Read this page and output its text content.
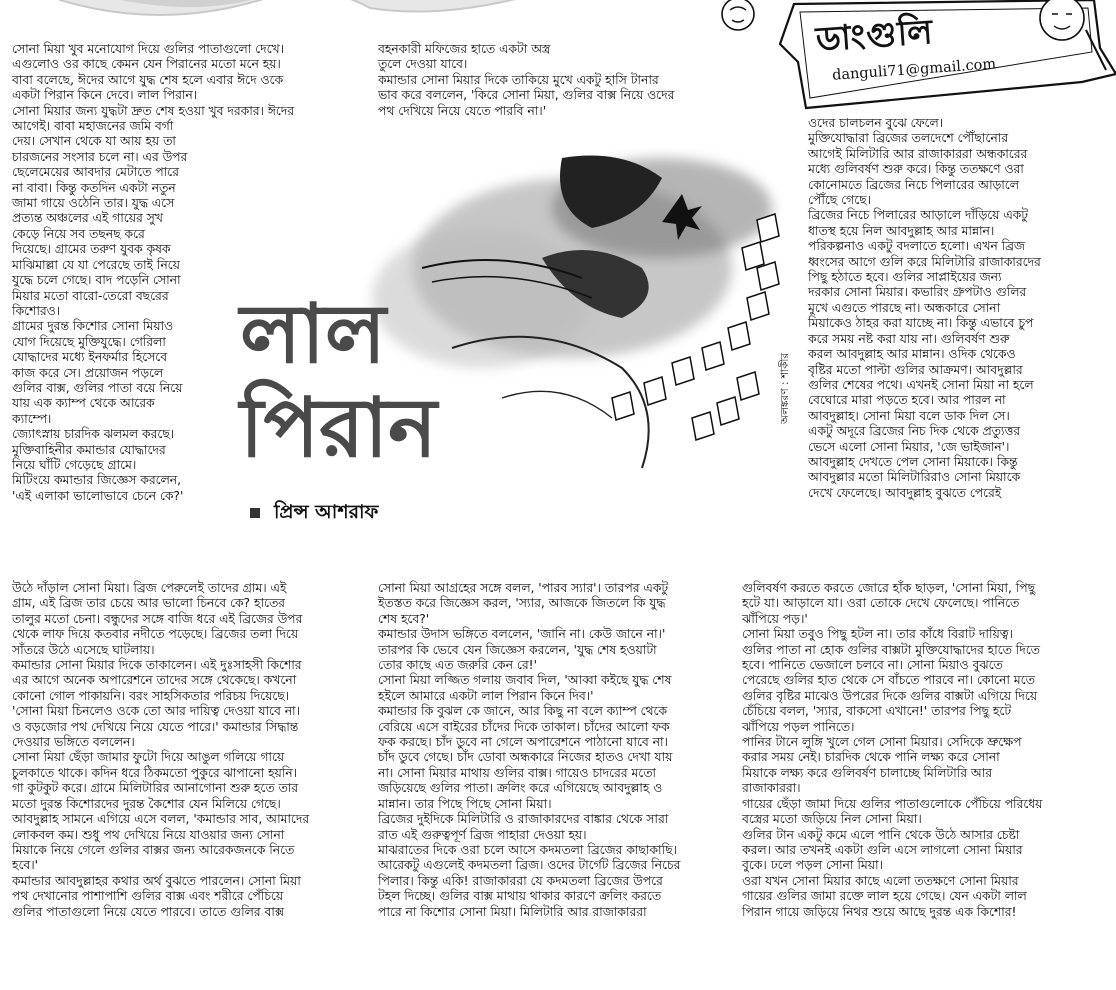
ডাংগুলি
danguli71@gmail.com

সোনা মিয়া খুব মনোযোগ দিয়ে গুলির পাতাগুলো দেখে।

এগুলোও ওর কাছে কেমন যেন পিরানের মতো মনে হয়।

বাবা বলেছে, ঈদের আগে যুদ্ধ শেষ হলে এবার ঈদে ওকে

একটা পিরান কিনে দেবে। লাল পিরান।

সোনা মিয়ার জন্য যুদ্ধটা দ্রুত শেষ হওয়া খুব দরকার। ঈদের

আগেই। বাবা মহাজনের জমি বর্গা

দেয়। সেখান থেকে যা আয় হয় তা

চারজনের সংসার চলে না। এর উপর

ছেলেমেয়ের আবদার মেটাতে পারে

না বাবা। কিন্তু কতদিন একটা নতুন

জামা গায়ে ওঠেনি তার। যুদ্ধ এসে

প্রত্যন্ত অঞ্চলের এই গায়ের সুখ

কেড়ে নিয়ে সব তছনছ করে

দিয়েছে। গ্রামের তরুণ যুবক কৃষক

মাঝিমাল্লা যে যা পেরেছে তাই নিয়ে

যুদ্ধে চলে গেছে। বাদ পড়েনি সোনা

মিয়ার মতো বারো-তেরো বছরের

কিশোরও।

গ্রামের দুরন্ত কিশোর সোনা মিয়াও

যোগ দিয়েছে মুক্তিযুদ্ধে। গেরিলা

যোদ্ধাদের মধ্যে ইনফর্মার হিসেবে

কাজ করে সে। প্রয়োজন পড়লে

গুলির বাক্স, গুলির পাতা বয়ে নিয়ে

যায় এক ক্যাম্প থেকে আরেক

ক্যাম্পে।

জ্যোৎস্নায় চারদিক ঝলমল করছে।

মুক্তিবাহিনীর কমান্ডার যোদ্ধাদের

নিয়ে ঘাঁটি গেড়েছে গ্রামে।

মিটিংয়ে কমান্ডার জিজ্ঞেস করলেন,

'এই এলাকা ভালোভাবে চেনে কে?'

বহনকারী মফিজের হাতে একটা অস্ত্র

তুলে দেওয়া যাবে।

কমান্ডার সোনা মিয়ার দিকে তাকিয়ে মুখে একটু হাসি টানার

ভাব করে বললেন, 'কিরে সোনা মিয়া, গুলির বাক্স নিয়ে ওদের

পথ দেখিয়ে নিয়ে যেতে পারবি না।'

লাল
পিরান
প্রিন্স আশরাফ
অলঙ্করণ : শাকীর

ওদের চালচলন বুঝে ফেলে।

মুক্তিযোদ্ধারা ব্রিজের তলদেশে পৌঁছানোর

আগেই মিলিটারি আর রাজাকাররা অন্ধকারের

মধ্যে গুলিবর্ষণ শুরু করে। কিন্তু ততক্ষণে ওরা

কোনোমতে ব্রিজের নিচে পিলারের আড়ালে

পৌঁছে গেছে।

ব্রিজের নিচে পিলারের আড়ালে দাঁড়িয়ে একটু

ধাতস্থ হয়ে নিল আবদুল্লাহ আর মান্নান।

পরিকল্পনাও একটু বদলাতে হলো। এখন ব্রিজ

ধ্বংসের আগে গুলি করে মিলিটারি রাজাকারদের

পিছু হঠাতে হবে। গুলির সাপ্লাইয়ের জন্য

দরকার সোনা মিয়ার। কভারিং গ্রুপটাও গুলির

মুখে এগুতে পারছে না। অন্ধকারে সোনা

মিয়াকেও ঠাহর করা যাচ্ছে না। কিন্তু এভাবে চুপ

করে সময় নষ্ট করা যায় না। গুলিবর্ষণ শুরু

করল আবদুল্লাহ আর মান্নান। ওদিক থেকেও

বৃষ্টির মতো পাল্টা গুলির আক্রমণ। আবদুল্লার

গুলির শেষের পথে। এখনই সোনা মিয়া না হলে

বেঘোরে মারা পড়তে হবে। আর পারল না

আবদুল্লাহ। সোনা মিয়া বলে ডাক দিল সে।

একটু অদূরে ব্রিজের নিচ দিক থেকে প্রত্যুত্তর

ভেসে এলো সোনা মিয়ার, 'জে ভাইজান'।

আবদুল্লাহ দেখতে পেল সোনা মিয়াকে। কিন্তু

আবদুল্লার মতো মিলিটারিরাও সোনা মিয়াকে

দেখে ফেলেছে। আবদুল্লাহ বুঝতে পেরেই

উঠে দাঁড়াল সোনা মিয়া। ব্রিজ পেরুলেই তাদের গ্রাম। এই

গ্রাম, এই ব্রিজ তার চেয়ে আর ভালো চিনবে কে? হাতের

তালুর মতো চেনা। বন্ধুদের সঙ্গে বাজি ধরে এই ব্রিজের উপর

থেকে লাফ দিয়ে কতবার নদীতে পড়েছে। ব্রিজের তলা দিয়ে

সাঁতরে উঠে এসেছে ঘাটলায়।

কমান্ডার সোনা মিয়ার দিকে তাকালেন। এই দুঃসাহসী কিশোর

এর আগে অনেক অপারেশনে তাদের সঙ্গে থেকেছে। কখনো

কোনো গোল পাকায়নি। বরং সাহসিকতার পরিচয় দিয়েছে।

'সোনা মিয়া চিনলেও ওকে তো আর দায়িত্ব দেওয়া যাবে না।

ও বড়জোর পথ দেখিয়ে নিয়ে যেতে পারে।' কমান্ডার সিদ্ধান্ত

দেওয়ার ভঙ্গিতে বললেন।

সোনা মিয়া ছেঁড়া জামার ফুটো দিয়ে আঙুল গলিয়ে গায়ে

চুলকাতে থাকে। কদিন ধরে ঠিকমতো পুকুরে ঝাপানো হয়নি।

গা কুটকুট করে। গ্রামে মিলিটারির আনাগোনা শুরু হতে তার

মতো দুরন্ত কিশোরদের দুরন্ত কৈশোর যেন মিলিয়ে গেছে।

আবদুল্লাহ সামনে এগিয়ে এসে বলল, 'কমান্ডার সাব, আমাদের

লোকবল কম। শুধু পথ দেখিয়ে নিয়ে যাওয়ার জন্য সোনা

মিয়াকে নিয়ে গেলে গুলির বাক্সর জন্য আরেকজনকে নিতে

হবে।'

কমান্ডার আবদুল্লাহর কথার অর্থ বুঝতে পারলেন। সোনা মিয়া

পথ দেখানোর পাশাপাশি গুলির বাক্স এবং শরীরে পেঁচিয়ে

গুলির পাতাগুলো নিয়ে যেতে পারবে। তাতে গুলির বাক্স

সোনা মিয়া আগ্রহের সঙ্গে বলল, 'পারব স্যার'। তারপর একটু

ইতস্তত করে জিজ্ঞেস করল, 'স্যার, আজকে জিতলে কি যুদ্ধ

শেষ হবে?'

কমান্ডার উদাস ভঙ্গিতে বললেন, 'জানি না। কেউ জানে না।'

তারপর কি ভেবে যেন জিজ্ঞেস করলেন, 'যুদ্ধ শেষ হওয়াটা

তোর কাছে এত জরুরি কেন রে!'

সোনা মিয়া লজ্জিত গলায় জবাব দিল, 'আব্বা কইছে যুদ্ধ শেষ

হইলে আমারে একটা লাল পিরান কিনে দিব।'

কমান্ডার কি বুঝল কে জানে, আর কিছু না বলে ক্যাম্প থেকে

বেরিয়ে এসে বাইরের চাঁদের দিকে তাকাল। চাঁদের আলো ফক

ফক করছে। চাঁদ ডুবে না গেলে অপারেশনে পাঠানো যাবে না।

চাঁদ ডুবে গেছে। চাঁদ ডোবা অন্ধকারে নিজের হাতও দেখা যায়

না। সোনা মিয়ার মাথায় গুলির বাক্স। গায়েও চাদরের মতো

জড়িয়েছে গুলির পাতা। ক্রলিং করে এগিয়েছে আবদুল্লাহ ও

মান্নান। তার পিছে পিছে সোনা মিয়া।

ব্রিজের দুইদিকে মিলিটারি ও রাজাকারদের বাঙ্কার থেকে সারা

রাত এই গুরুত্বপূর্ণ ব্রিজ পাহারা দেওয়া হয়।

মাঝরাতের দিকে ওরা চলে আসে কদমতলা ব্রিজের কাছাকাছি।

আরেকটু এগুলেই কদমতলা ব্রিজ। ওদের টার্গেট ব্রিজের নিচের

পিলার। কিন্তু একি! রাজাকাররা যে কদমতলা ব্রিজের উপরে

টহল দিচ্ছে। গুলির বাক্স মাথায় থাকার কারণে ক্রলিং করতে

পারে না কিশোর সোনা মিয়া। মিলিটারি আর রাজাকাররা

গুলিবর্ষণ করতে করতে জোরে হাঁক ছাড়ল, 'সোনা মিয়া, পিছু

হটে যা। আড়ালে যা। ওরা তোকে দেখে ফেলেছে। পানিতে

ঝাঁপিয়ে পড়।'

সোনা মিয়া তবুও পিছু হটল না। তার কাঁধে বিরাট দায়িত্ব।

গুলির পাতা না হোক গুলির বাক্সটা মুক্তিযোদ্ধাদের হাতে দিতে

হবে। পানিতে ভেজালে চলবে না। সোনা মিয়াও বুঝতে

পেরেছে গুলির হাত থেকে সে বাঁচতে পারবে না। কোনো মতে

গুলির বৃষ্টির মাঝেও উপরের দিকে গুলির বাক্সটা এগিয়ে দিয়ে

চেঁচিয়ে বলল, 'স্যার, বাকসো এখানে!' তারপর পিছু হটে

ঝাঁপিয়ে পড়ল পানিতে।

পানির টানে লুঙ্গি খুলে গেল সোনা মিয়ার। সেদিকে ভ্রুক্ষেপ

করার সময় নেই। চারদিক থেকে পানি লক্ষ্য করে সোনা

মিয়াকে লক্ষ্য করে গুলিবর্ষণ চালাচ্ছে মিলিটারি আর

রাজাকাররা।

গায়ের ছেঁড়া জামা দিয়ে গুলির পাতাগুলোকে পেঁচিয়ে পরিধেয়

বস্ত্রের মতো জড়িয়ে নিল সোনা মিয়া।

গুলির টান একটু কমে এলে পানি থেকে উঠে আসার চেষ্টা

করল। আর তখনই একটা গুলি এসে লাগলো সোনা মিয়ার

বুকে। ঢলে পড়ল সোনা মিয়া।

ওরা যখন সোনা মিয়ার কাছে এলো ততক্ষণে সোনা মিয়ার

গায়ের গুলির জামা রক্তে লাল হয়ে গেছে। যেন একটা লাল

পিরান গায়ে জড়িয়ে নিথর শুয়ে আছে দুরন্ত এক কিশোর!
